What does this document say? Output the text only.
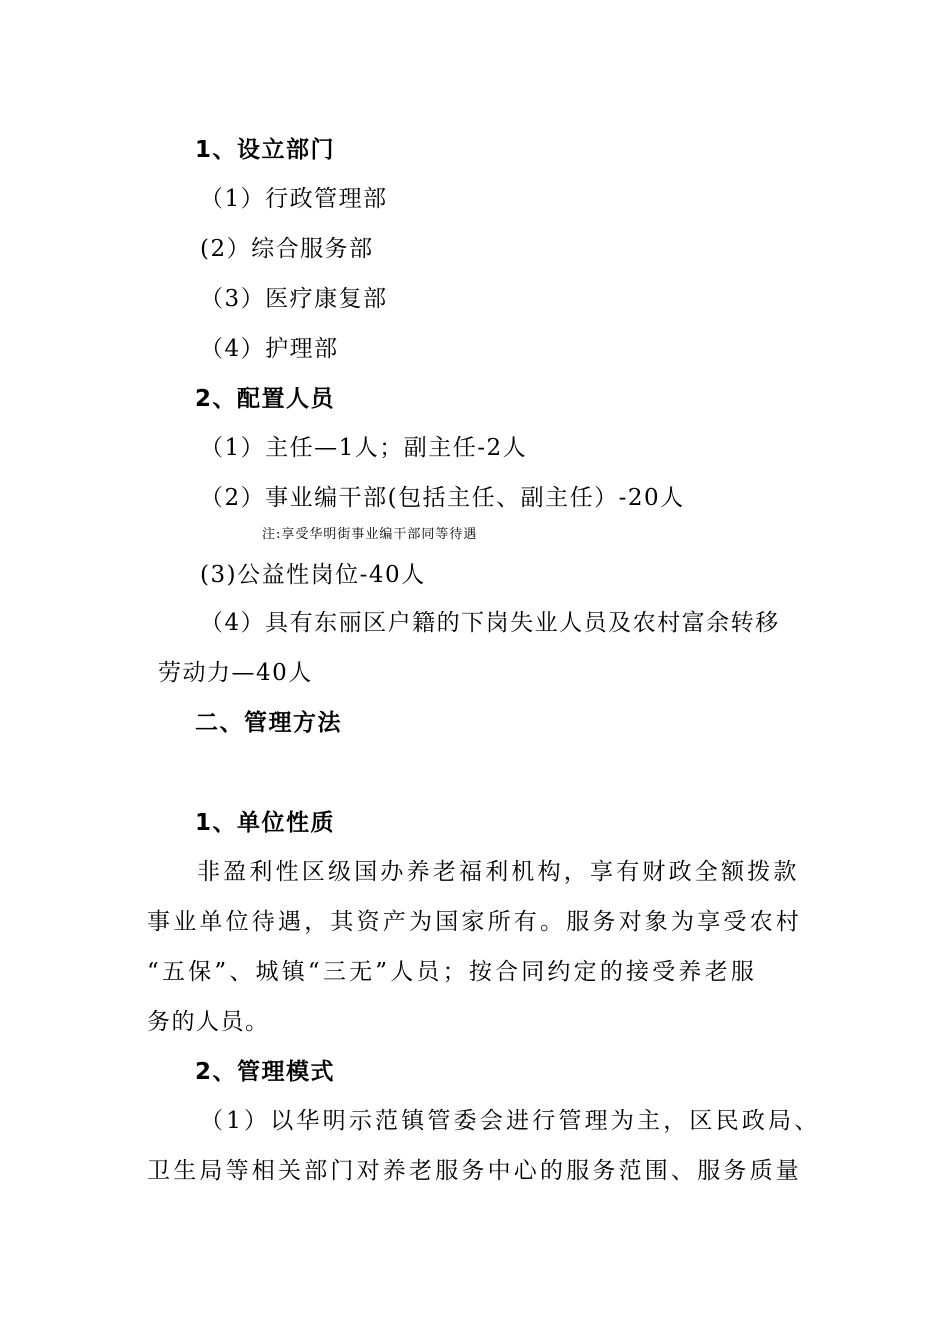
1、设立部门
（1）行政管理部
(2）综合服务部
（3）医疗康复部
（4）护理部
2、配置人员
（1）主任—1人；副主任-2人
（2）事业编干部(包括主任、副主任）-20人
注:享受华明街事业编干部同等待遇
(3)公益性岗位-40人
（4）具有东丽区户籍的下岗失业人员及农村富余转移
劳动力—40人
二、管理方法
1、单位性质
非盈利性区级国办养老福利机构，享有财政全额拨款
事业单位待遇，其资产为国家所有。服务对象为享受农村
“五保”、城镇“三无”人员；按合同约定的接受养老服
务的人员。
2、管理模式
（1）以华明示范镇管委会进行管理为主，区民政局、
卫生局等相关部门对养老服务中心的服务范围、服务质量
